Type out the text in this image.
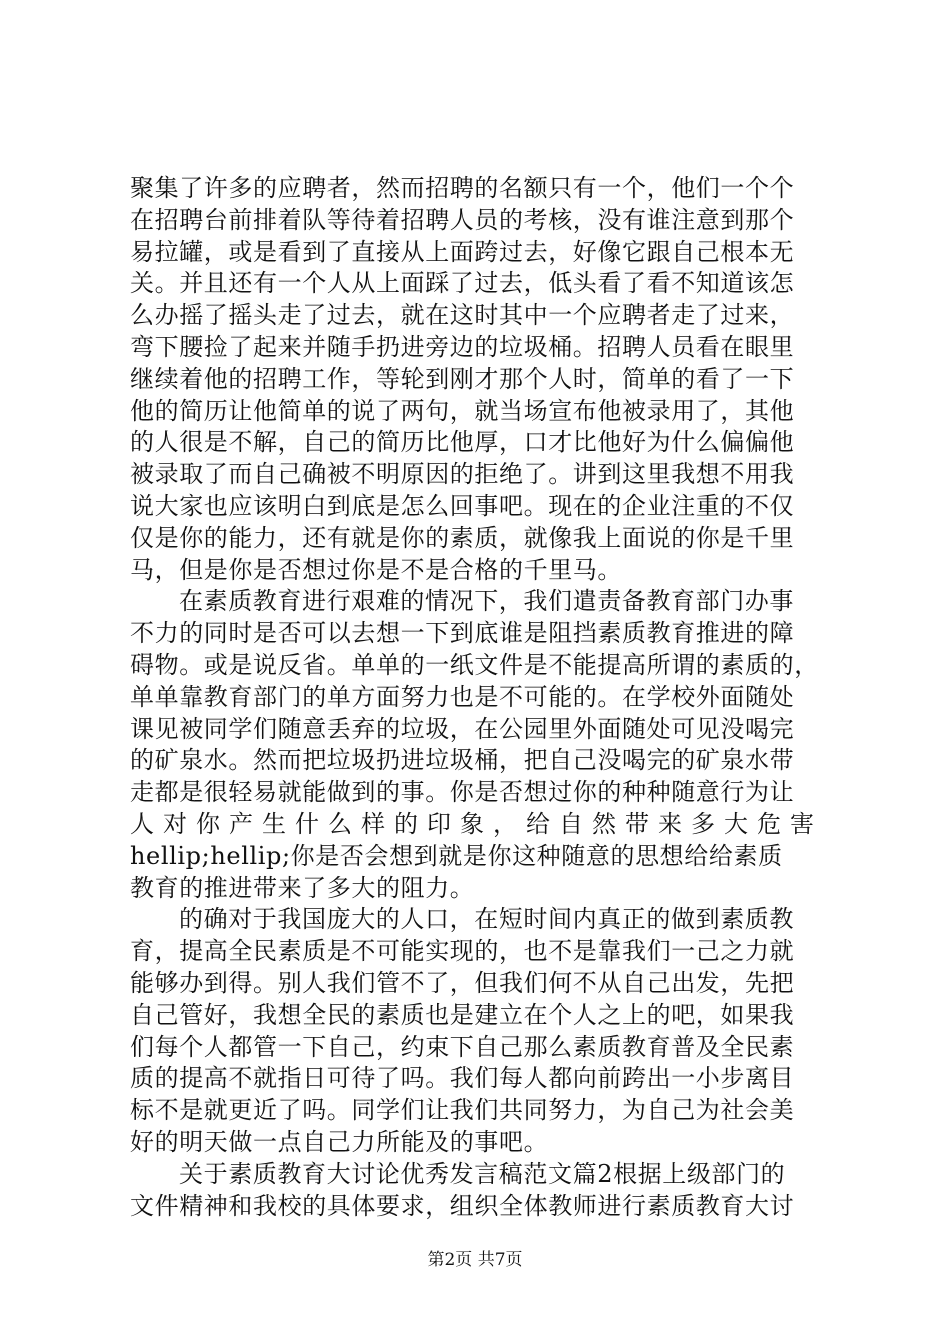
聚集了许多的应聘者，然而招聘的名额只有一个，他们一个个
在招聘台前排着队等待着招聘人员的考核，没有谁注意到那个
易拉罐，或是看到了直接从上面跨过去，好像它跟自己根本无
关。并且还有一个人从上面踩了过去，低头看了看不知道该怎
么办摇了摇头走了过去，就在这时其中一个应聘者走了过来，
弯下腰捡了起来并随手扔进旁边的垃圾桶。招聘人员看在眼里
继续着他的招聘工作，等轮到刚才那个人时，简单的看了一下
他的简历让他简单的说了两句，就当场宣布他被录用了，其他
的人很是不解，自己的简历比他厚，口才比他好为什么偏偏他
被录取了而自己确被不明原因的拒绝了。讲到这里我想不用我
说大家也应该明白到底是怎么回事吧。现在的企业注重的不仅
仅是你的能力，还有就是你的素质，就像我上面说的你是千里
马，但是你是否想过你是不是合格的千里马。
在素质教育进行艰难的情况下，我们遣责备教育部门办事
不力的同时是否可以去想一下到底谁是阻挡素质教育推进的障
碍物。或是说反省。单单的一纸文件是不能提高所谓的素质的，
单单靠教育部门的单方面努力也是不可能的。在学校外面随处
课见被同学们随意丢弃的垃圾，在公园里外面随处可见没喝完
的矿泉水。然而把垃圾扔进垃圾桶，把自己没喝完的矿泉水带
走都是很轻易就能做到的事。你是否想过你的种种随意行为让
人对你产生什么样的印象，给自然带来多大危害
hellip;hellip;你是否会想到就是你这种随意的思想给给素质
教育的推进带来了多大的阻力。
的确对于我国庞大的人口，在短时间内真正的做到素质教
育，提高全民素质是不可能实现的，也不是靠我们一己之力就
能够办到得。别人我们管不了，但我们何不从自己出发，先把
自己管好，我想全民的素质也是建立在个人之上的吧，如果我
们每个人都管一下自己，约束下自己那么素质教育普及全民素
质的提高不就指日可待了吗。我们每人都向前跨出一小步离目
标不是就更近了吗。同学们让我们共同努力，为自己为社会美
好的明天做一点自己力所能及的事吧。
关于素质教育大讨论优秀发言稿范文篇2根据上级部门的
文件精神和我校的具体要求，组织全体教师进行素质教育大讨
第2页 共7页
